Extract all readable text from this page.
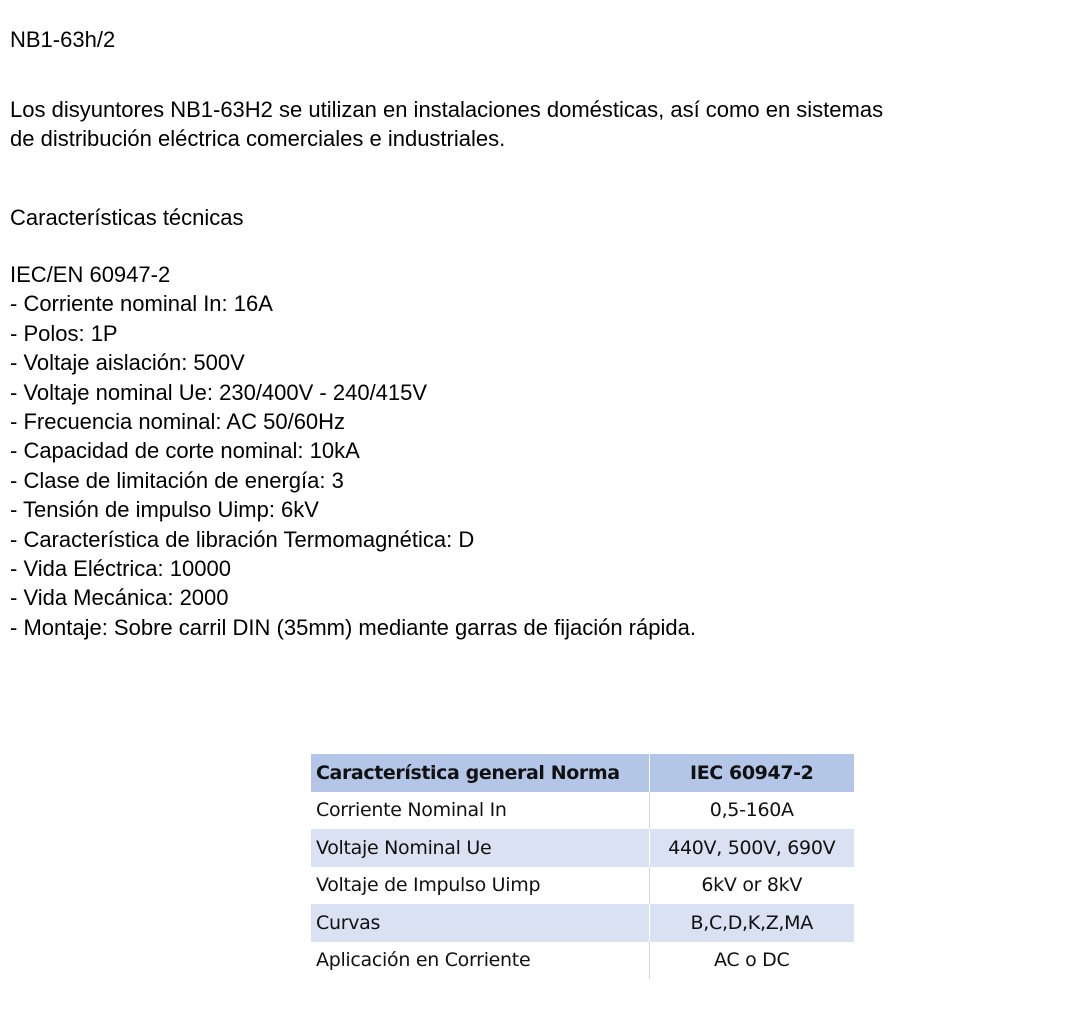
NB1-63h/2

Los disyuntores NB1-63H2 se utilizan en instalaciones domésticas, así como en sistemas
de distribución eléctrica comerciales e industriales.

Características técnicas
IEC/EN 60947-2
- Corriente nominal In: 16A
- Polos: 1P
- Voltaje aislación: 500V
- Voltaje nominal Ue: 230/400V - 240/415V
- Frecuencia nominal: AC 50/60Hz
- Capacidad de corte nominal: 10kA
- Clase de limitación de energía: 3
- Tensión de impulso Uimp: 6kV
- Característica de libración Termomagnética: D
- Vida Eléctrica: 10000
- Vida Mecánica: 2000
- Montaje: Sobre carril DIN (35mm) mediante garras de fijación rápida.
Característica general Norma	IEC 60947-2
Corriente Nominal In	0,5-160A
Voltaje Nominal Ue	440V, 500V, 690V
Voltaje de Impulso Uimp	6kV or 8kV
Curvas	B,C,D,K,Z,MA
Aplicación en Corriente	AC o DC
